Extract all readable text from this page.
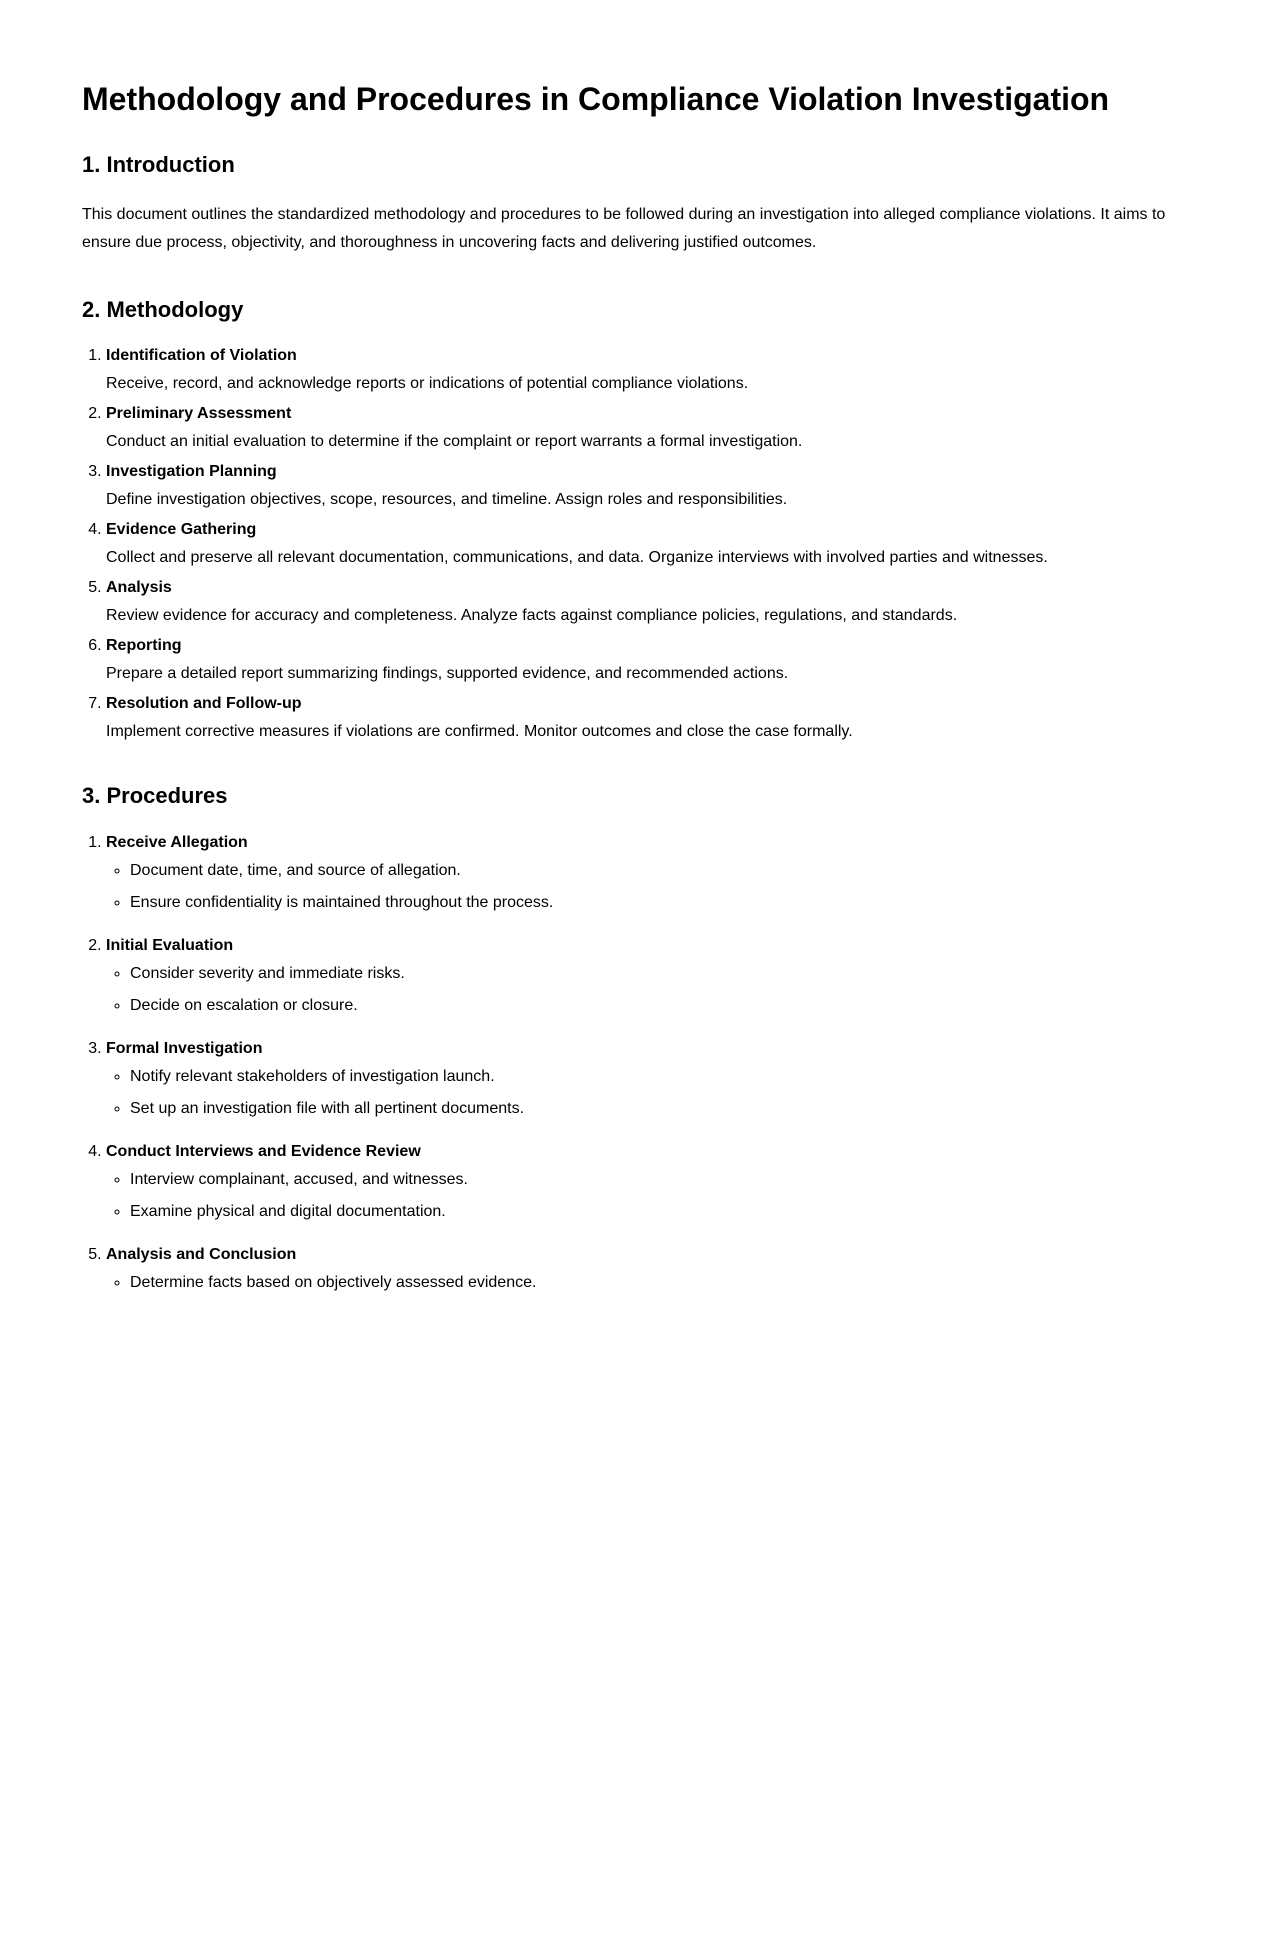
Methodology and Procedures in Compliance Violation Investigation
1. Introduction

This document outlines the standardized methodology and procedures to be followed during an investigation into alleged compliance violations. It aims to ensure due process, objectivity, and thoroughness in uncovering facts and delivering justified outcomes.

2. Methodology
1. Identification of Violation
Receive, record, and acknowledge reports or indications of potential compliance violations.
2. Preliminary Assessment
Conduct an initial evaluation to determine if the complaint or report warrants a formal investigation.
3. Investigation Planning
Define investigation objectives, scope, resources, and timeline. Assign roles and responsibilities.
4. Evidence Gathering
Collect and preserve all relevant documentation, communications, and data. Organize interviews with involved parties and witnesses.
5. Analysis
Review evidence for accuracy and completeness. Analyze facts against compliance policies, regulations, and standards.
6. Reporting
Prepare a detailed report summarizing findings, supported evidence, and recommended actions.
7. Resolution and Follow-up
Implement corrective measures if violations are confirmed. Monitor outcomes and close the case formally.
3. Procedures
1. Receive Allegation
◦ Document date, time, and source of allegation.
◦ Ensure confidentiality is maintained throughout the process.
2. Initial Evaluation
◦ Consider severity and immediate risks.
◦ Decide on escalation or closure.
3. Formal Investigation
◦ Notify relevant stakeholders of investigation launch.
◦ Set up an investigation file with all pertinent documents.
4. Conduct Interviews and Evidence Review
◦ Interview complainant, accused, and witnesses.
◦ Examine physical and digital documentation.
5. Analysis and Conclusion
◦ Determine facts based on objectively assessed evidence.
